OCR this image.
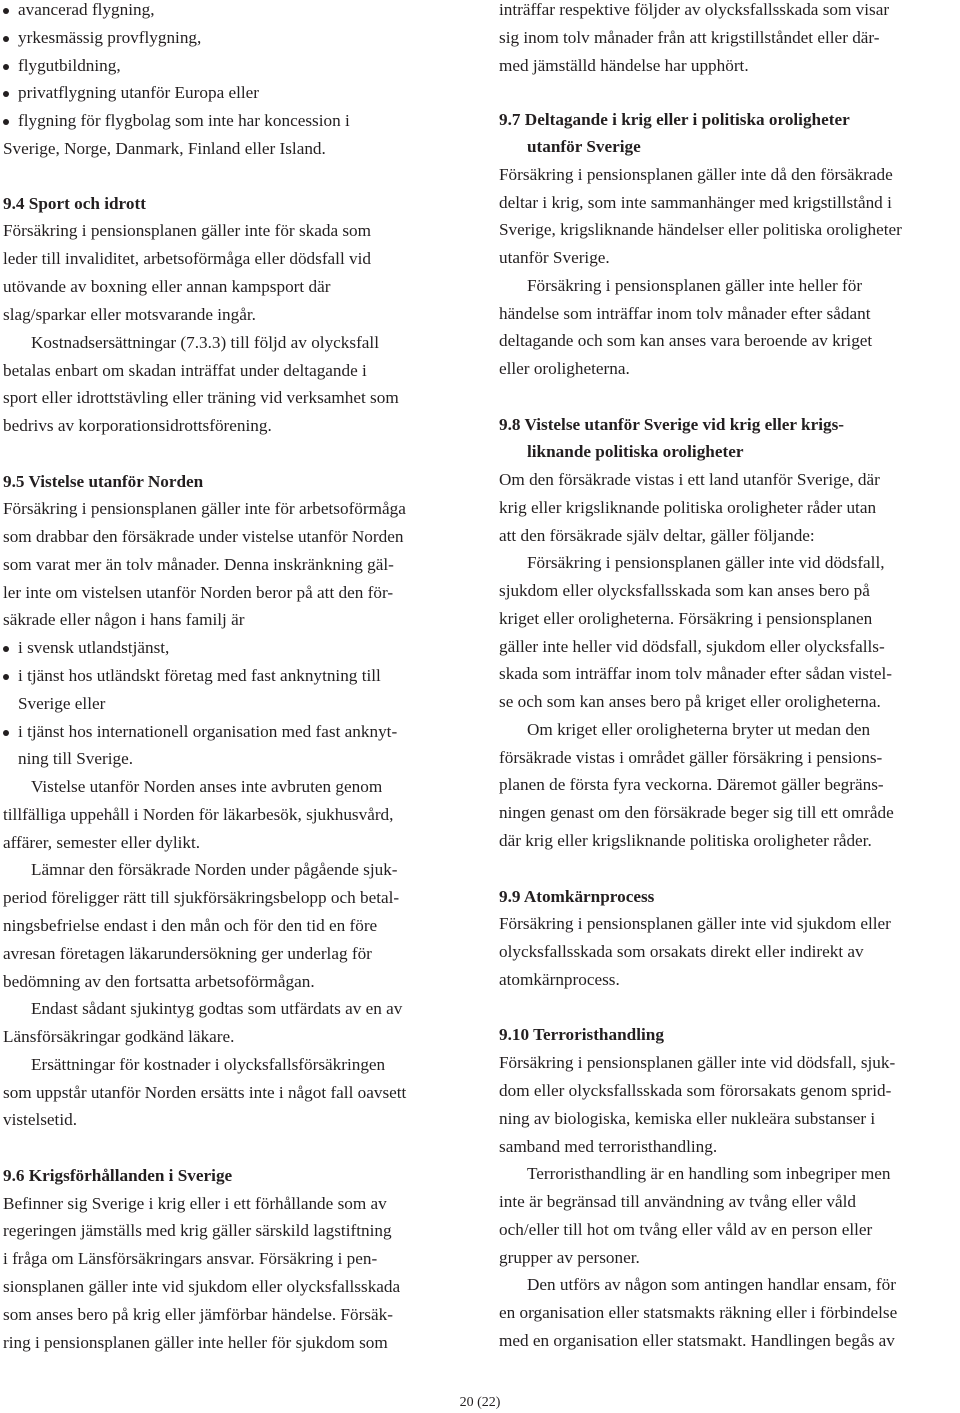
avancerad flygning,
yrkesmässig provflygning,
flygutbildning,
privatflygning utanför Europa eller
flygning för flygbolag som inte har koncession i
Sverige, Norge, Danmark, Finland eller Island.
9.4 Sport och idrott
Försäkring i pensionsplanen gäller inte för skada som
leder till invaliditet, arbetsoförmåga eller dödsfall vid
utövande av boxning eller annan kampsport där
slag/sparkar eller motsvarande ingår.
Kostnadsersättningar (7.3.3) till följd av olycksfall
betalas enbart om skadan inträffat under deltagande i
sport eller idrottstävling eller träning vid verksamhet som
bedrivs av korporationsidrottsförening.
9.5 Vistelse utanför Norden
Försäkring i pensionsplanen gäller inte för arbetsoförmåga
som drabbar den försäkrade under vistelse utanför Norden
som varat mer än tolv månader. Denna inskränkning gäl-
ler inte om vistelsen utanför Norden beror på att den för-
säkrade eller någon i hans familj är
i svensk utlandstjänst,
i tjänst hos utländskt företag med fast anknytning till
Sverige eller
i tjänst hos internationell organisation med fast anknyt-
ning till Sverige.
Vistelse utanför Norden anses inte avbruten genom
tillfälliga uppehåll i Norden för läkarbesök, sjukhusvård,
affärer, semester eller dylikt.
Lämnar den försäkrade Norden under pågående sjuk-
period föreligger rätt till sjukförsäkringsbelopp och betal-
ningsbefrielse endast i den mån och för den tid en före
avresan företagen läkarundersökning ger underlag för
bedömning av den fortsatta arbetsoförmågan.
Endast sådant sjukintyg godtas som utfärdats av en av
Länsförsäkringar godkänd läkare.
Ersättningar för kostnader i olycksfallsförsäkringen
som uppstår utanför Norden ersätts inte i något fall oavsett
vistelsetid.
9.6 Krigsförhållanden i Sverige
Befinner sig Sverige i krig eller i ett förhållande som av
regeringen jämställs med krig gäller särskild lagstiftning
i fråga om Länsförsäkringars ansvar. Försäkring i pen-
sionsplanen gäller inte vid sjukdom eller olycksfallsskada
som anses bero på krig eller jämförbar händelse. Försäk-
ring i pensionsplanen gäller inte heller för sjukdom som
inträffar respektive följder av olycksfallsskada som visar
sig inom tolv månader från att krigstillståndet eller där-
med jämställd händelse har upphört.
9.7 Deltagande i krig eller i politiska oroligheter
utanför Sverige
Försäkring i pensionsplanen gäller inte då den försäkrade
deltar i krig, som inte sammanhänger med krigstillstånd i
Sverige, krigsliknande händelser eller politiska oroligheter
utanför Sverige.
Försäkring i pensionsplanen gäller inte heller för
händelse som inträffar inom tolv månader efter sådant
deltagande och som kan anses vara beroende av kriget
eller oroligheterna.
9.8 Vistelse utanför Sverige vid krig eller krigs-
liknande politiska oroligheter
Om den försäkrade vistas i ett land utanför Sverige, där
krig eller krigsliknande politiska oroligheter råder utan
att den försäkrade själv deltar, gäller följande:
Försäkring i pensionsplanen gäller inte vid dödsfall,
sjukdom eller olycksfallsskada som kan anses bero på
kriget eller oroligheterna. Försäkring i pensionsplanen
gäller inte heller vid dödsfall, sjukdom eller olycksfalls-
skada som inträffar inom tolv månader efter sådan vistel-
se och som kan anses bero på kriget eller oroligheterna.
Om kriget eller oroligheterna bryter ut medan den
försäkrade vistas i området gäller försäkring i pensions-
planen de första fyra veckorna. Däremot gäller begräns-
ningen genast om den försäkrade beger sig till ett område
där krig eller krigsliknande politiska oroligheter råder.
9.9 Atomkärnprocess
Försäkring i pensionsplanen gäller inte vid sjukdom eller
olycksfallsskada som orsakats direkt eller indirekt av
atomkärnprocess.
9.10 Terroristhandling
Försäkring i pensionsplanen gäller inte vid dödsfall, sjuk-
dom eller olycksfallsskada som förorsakats genom sprid-
ning av biologiska, kemiska eller nukleära substanser i
samband med terroristhandling.
Terroristhandling är en handling som inbegriper men
inte är begränsad till användning av tvång eller våld
och/eller till hot om tvång eller våld av en person eller
grupper av personer.
Den utförs av någon som antingen handlar ensam, för
en organisation eller statsmakts räkning eller i förbindelse
med en organisation eller statsmakt. Handlingen begås av
20 (22)
